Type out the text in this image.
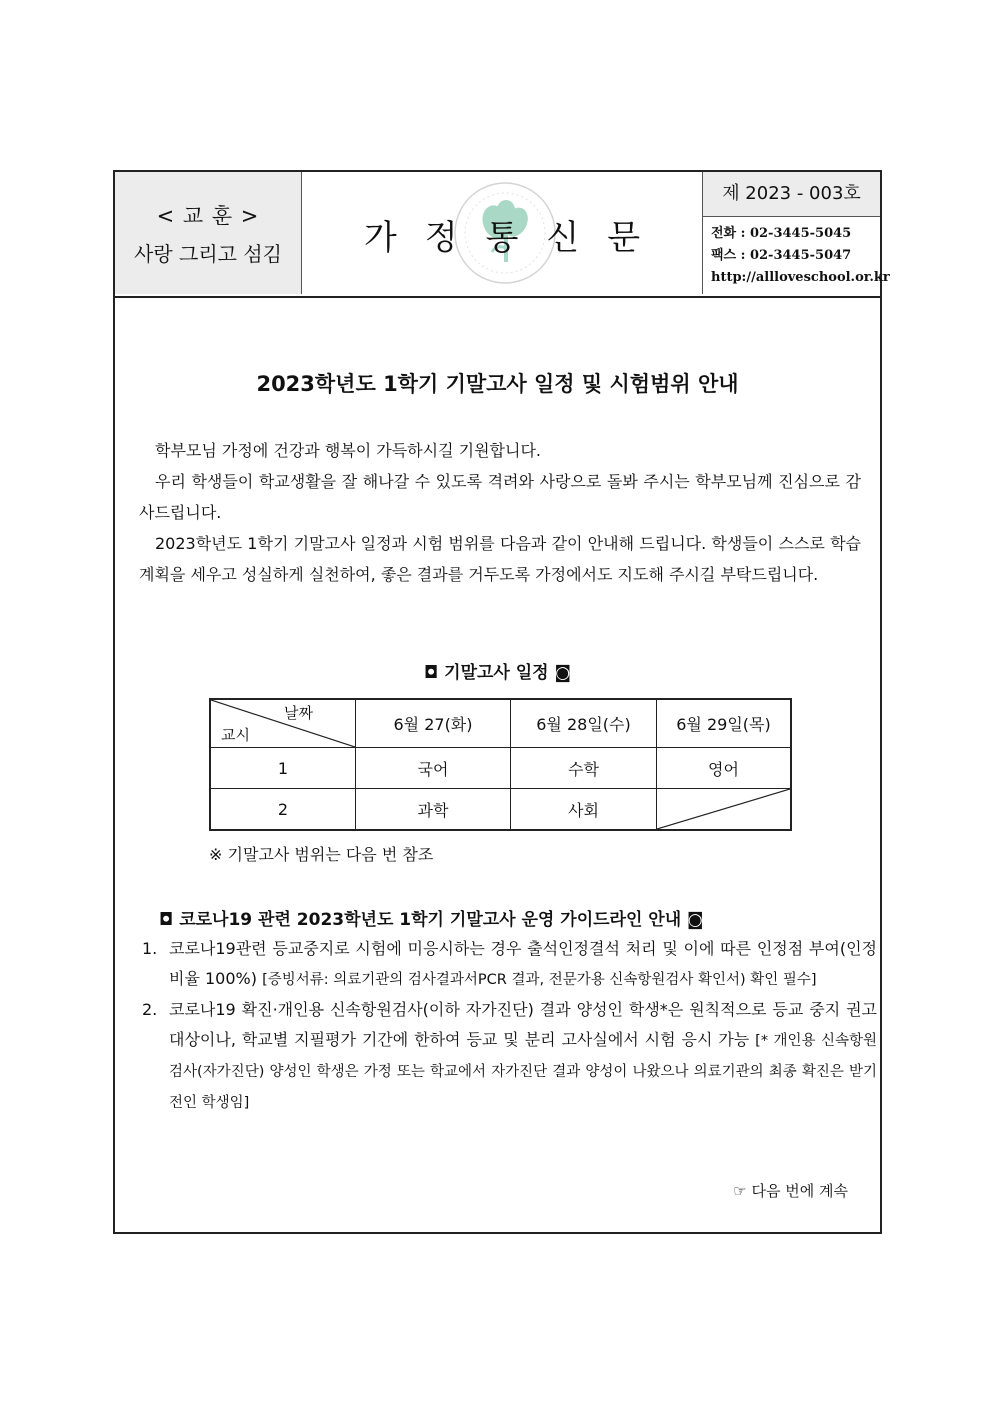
< 교 훈 >
사랑 그리고 섬김	가정통신문
제 2023 - 003호
전화 : 02-3445-5045
팩스 : 02-3445-5047
http://allloveschool.or.kr
2023학년도 1학기 기말고사 일정 및 시험범위 안내
학부모님 가정에 건강과 행복이 가득하시길 기원합니다.
우리 학생들이 학교생활을 잘 해나갈 수 있도록 격려와 사랑으로 돌봐 주시는 학부모님께 진심으로 감사드립니다.
2023학년도 1학기 기말고사 일정과 시험 범위를 다음과 같이 안내해 드립니다. 학생들이 스스로 학습 계획을 세우고 성실하게 실천하여, 좋은 결과를 거두도록 가정에서도 지도해 주시길 부탁드립니다.
◘ 기말고사 일정 ◙
날짜
교시	6월 27(화)	6월 28일(수)	6월 29일(목)
1	국어	수학	영어
2	과학	사회	
※ 기말고사 범위는 다음 번 참조
◘ 코로나19 관련 2023학년도 1학기 기말고사 운영 가이드라인 안내 ◙
1. 코로나19관련 등교중지로 시험에 미응시하는 경우 출석인정결석 처리 및 이에 따른 인정점 부여(인정비율 100%) [증빙서류: 의료기관의 검사결과서PCR 결과, 전문가용 신속항원검사 확인서) 확인 필수]
2. 코로나19 확진·개인용 신속항원검사(이하 자가진단) 결과 양성인 학생*은 원칙적으로 등교 중지 권고 대상이나, 학교별 지필평가 기간에 한하여 등교 및 분리 고사실에서 시험 응시 가능 [* 개인용 신속항원검사(자가진단) 양성인 학생은 가정 또는 학교에서 자가진단 결과 양성이 나왔으나 의료기관의 최종 확진은 받기 전인 학생임]
☞ 다음 번에 계속
